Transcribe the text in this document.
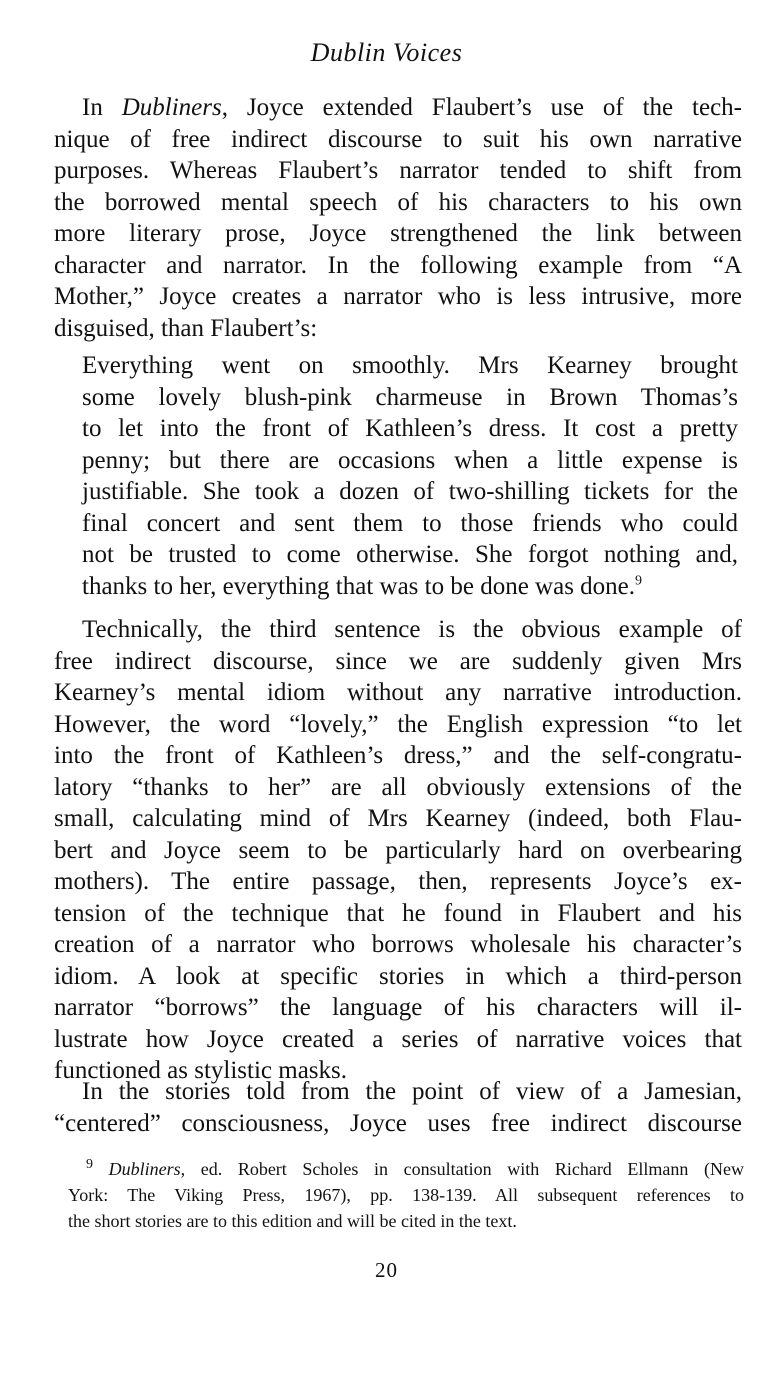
Dublin Voices
In Dubliners, Joyce extended Flaubert’s use of the tech-
nique of free indirect discourse to suit his own narrative
purposes. Whereas Flaubert’s narrator tended to shift from
the borrowed mental speech of his characters to his own
more literary prose, Joyce strengthened the link between
character and narrator. In the following example from “A
Mother,” Joyce creates a narrator who is less intrusive, more
disguised, than Flaubert’s:
Everything went on smoothly. Mrs Kearney brought
some lovely blush-pink charmeuse in Brown Thomas’s
to let into the front of Kathleen’s dress. It cost a pretty
penny; but there are occasions when a little expense is
justifiable. She took a dozen of two-shilling tickets for the
final concert and sent them to those friends who could
not be trusted to come otherwise. She forgot nothing and,
thanks to her, everything that was to be done was done.$^9$
Technically, the third sentence is the obvious example of
free indirect discourse, since we are suddenly given Mrs
Kearney’s mental idiom without any narrative introduction.
However, the word “lovely,” the English expression “to let
into the front of Kathleen’s dress,” and the self-congratu-
latory “thanks to her” are all obviously extensions of the
small, calculating mind of Mrs Kearney (indeed, both Flau-
bert and Joyce seem to be particularly hard on overbearing
mothers). The entire passage, then, represents Joyce’s ex-
tension of the technique that he found in Flaubert and his
creation of a narrator who borrows wholesale his character’s
idiom. A look at specific stories in which a third-person
narrator “borrows” the language of his characters will il-
lustrate how Joyce created a series of narrative voices that
functioned as stylistic masks.
In the stories told from the point of view of a Jamesian,
“centered” consciousness, Joyce uses free indirect discourse
$^9$ Dubliners, ed. Robert Scholes in consultation with Richard Ellmann (New
York: The Viking Press, 1967), pp. 138-139. All subsequent references to
the short stories are to this edition and will be cited in the text.
20
